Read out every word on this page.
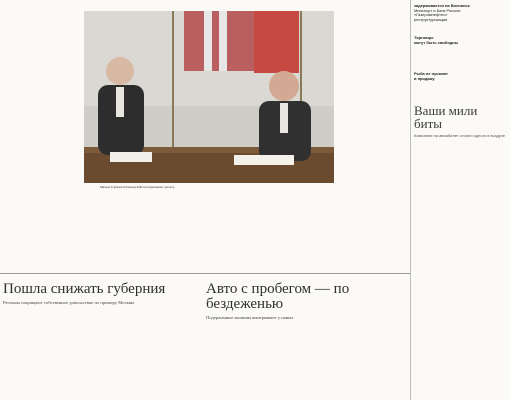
Михаил Горбачев и Рональд Рейган подписывают договор
задерживается на Волчанск
Минспорт и Банк Россия:
«Газпромнефтео»
реструктуризация
Торговцы
могут быть свободны
Рыба не пускают
в продажу
Ваши мили биты
Компании на авиабилет стоили одного в воздухе
Пошла снижать губерния
Регионы сокращают собственное довольствие по примеру Москвы
Авто с пробегом — по бездеженью
Подержанные машины выигрывают у новых
